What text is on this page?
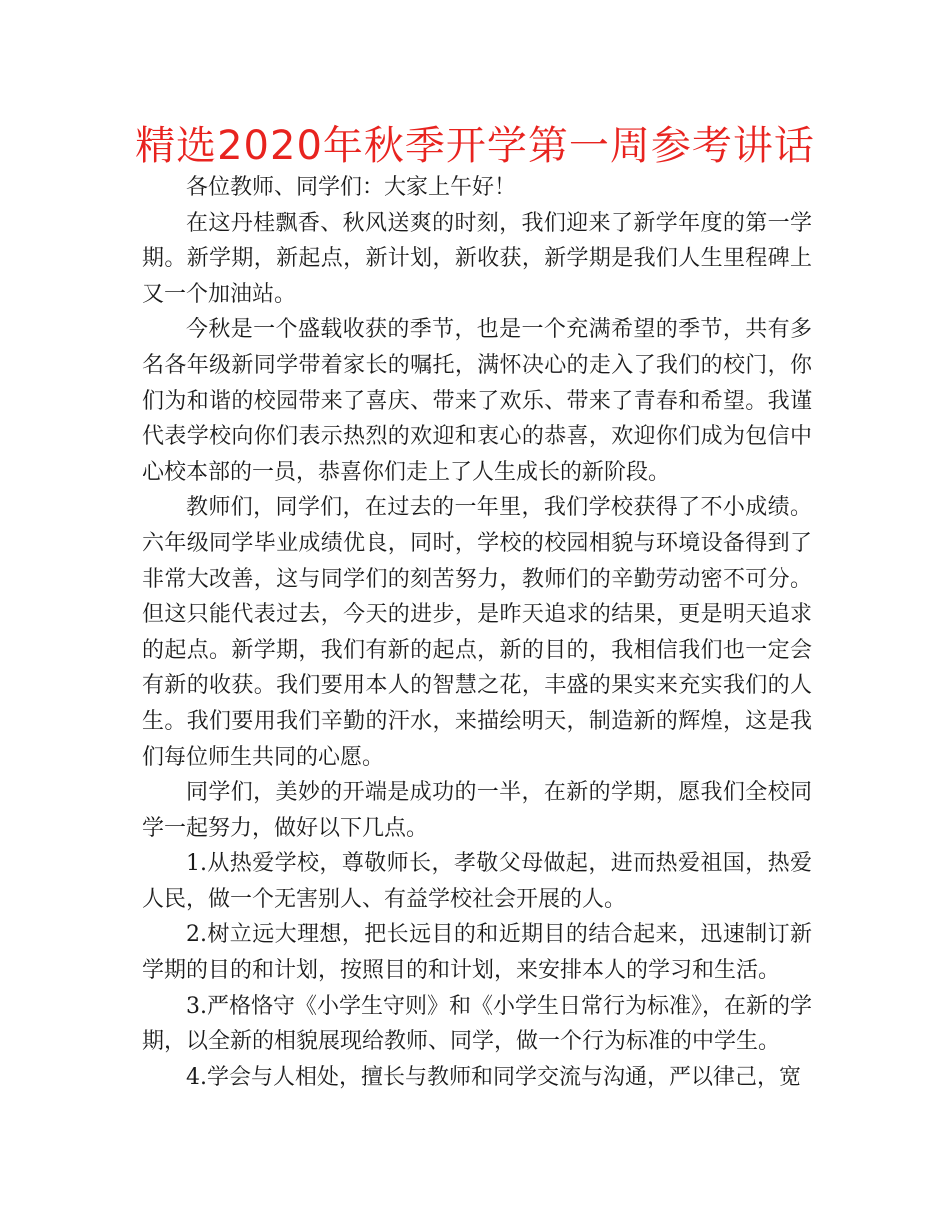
精选2020年秋季开学第一周参考讲话

各位教师、同学们：大家上午好！

在这丹桂飘香、秋风送爽的时刻，我们迎来了新学年度的第一学期。新学期，新起点，新计划，新收获，新学期是我们人生里程碑上又一个加油站。

今秋是一个盛载收获的季节，也是一个充满希望的季节，共有多名各年级新同学带着家长的嘱托，满怀决心的走入了我们的校门，你们为和谐的校园带来了喜庆、带来了欢乐、带来了青春和希望。我谨代表学校向你们表示热烈的欢迎和衷心的恭喜，欢迎你们成为包信中心校本部的一员，恭喜你们走上了人生成长的新阶段。

教师们，同学们，在过去的一年里，我们学校获得了不小成绩。六年级同学毕业成绩优良，同时，学校的校园相貌与环境设备得到了非常大改善，这与同学们的刻苦努力，教师们的辛勤劳动密不可分。但这只能代表过去，今天的进步，是昨天追求的结果，更是明天追求的起点。新学期，我们有新的起点，新的目的，我相信我们也一定会有新的收获。我们要用本人的智慧之花，丰盛的果实来充实我们的人生。我们要用我们辛勤的汗水，来描绘明天，制造新的辉煌，这是我们每位师生共同的心愿。

同学们，美妙的开端是成功的一半，在新的学期，愿我们全校同学一起努力，做好以下几点。

1.从热爱学校，尊敬师长，孝敬父母做起，进而热爱祖国，热爱人民，做一个无害别人、有益学校社会开展的人。

2.树立远大理想，把长远目的和近期目的结合起来，迅速制订新学期的目的和计划，按照目的和计划，来安排本人的学习和生活。

3.严格恪守《小学生守则》和《小学生日常行为标准》，在新的学期，以全新的相貌展现给教师、同学，做一个行为标准的中学生。

4.学会与人相处，擅长与教师和同学交流与沟通，严以律己，宽
